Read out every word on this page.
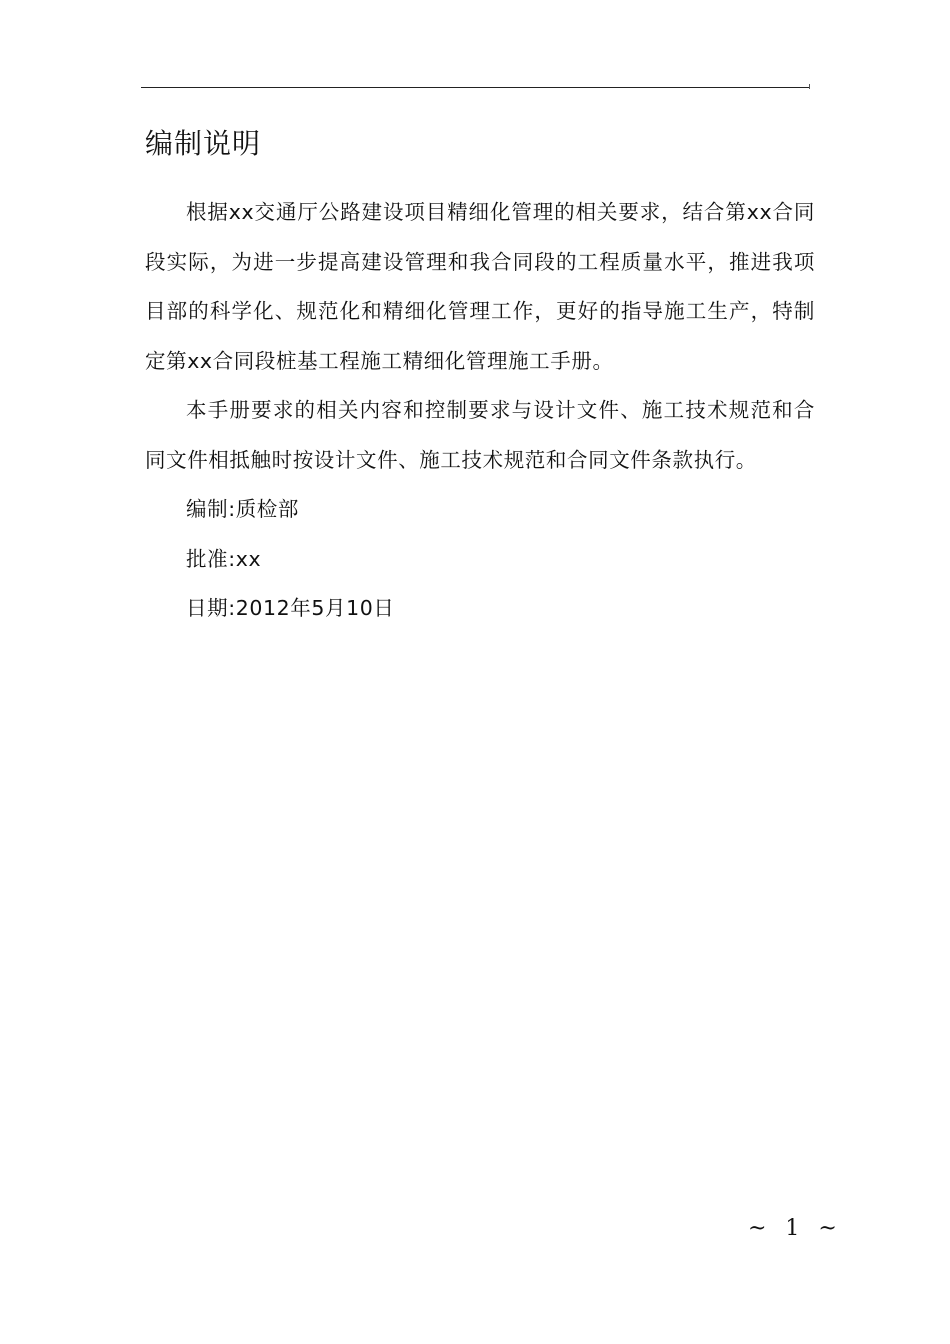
编制说明

根据xx交通厅公路建设项目精细化管理的相关要求，结合第xx合同段实际，为进一步提高建设管理和我合同段的工程质量水平，推进我项目部的科学化、规范化和精细化管理工作，更好的指导施工生产，特制定第xx合同段桩基工程施工精细化管理施工手册。

本手册要求的相关内容和控制要求与设计文件、施工技术规范和合同文件相抵触时按设计文件、施工技术规范和合同文件条款执行。

编制:质检部

批准:xx

日期:2012年5月10日

~ 1 ~
